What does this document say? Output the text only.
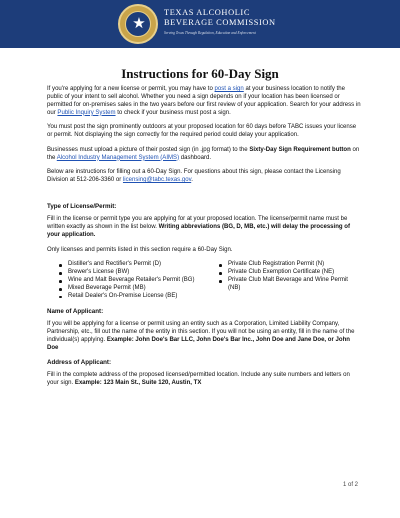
★
TEXAS ALCOHOLIC
BEVERAGE COMMISSION
Serving Texas Through Regulation, Education and Enforcement
Instructions for 60-Day Sign

If you're applying for a new license or permit, you may have to post a sign at your business location to notify the public of your intent to sell alcohol. Whether you need a sign depends on if your location has been licensed or permitted for on-premises sales in the two years before our first review of your application. Search for your address in our Public Inquiry System to check if your business must post a sign.

You must post the sign prominently outdoors at your proposed location for 60 days before TABC issues your license or permit. Not displaying the sign correctly for the required period could delay your application.

Businesses must upload a picture of their posted sign (in .jpg format) to the Sixty-Day Sign Requirement button on the Alcohol Industry Management System (AIMS) dashboard.

Below are instructions for filling out a 60-Day Sign. For questions about this sign, please contact the Licensing Division at 512-206-3360 or licensing@tabc.texas.gov.

Type of License/Permit:

Fill in the license or permit type you are applying for at your proposed location. The license/permit name must be written exactly as shown in the list below. Writing abbreviations (BG, D, MB, etc.) will delay the processing of your application.

Only licenses and permits listed in this section require a 60-Day Sign.

Distiller's and Rectifier's Permit (D)
Brewer's License (BW)
Wine and Malt Beverage Retailer's Permit (BG)
Mixed Beverage Permit (MB)
Retail Dealer's On-Premise License (BE)
Private Club Registration Permit (N)
Private Club Exemption Certificate (NE)
Private Club Malt Beverage and Wine Permit (NB)
Name of Applicant:

If you will be applying for a license or permit using an entity such as a Corporation, Limited Liability Company, Partnership, etc., fill out the name of the entity in this section. If you will not be using an entity, fill in the name of the individual(s) applying. Example: John Doe's Bar LLC, John Doe's Bar Inc., John Doe and Jane Doe, or John Doe

Address of Applicant:

Fill in the complete address of the proposed licensed/permitted location. Include any suite numbers and letters on your sign. Example: 123 Main St., Suite 120, Austin, TX

1 of 2
